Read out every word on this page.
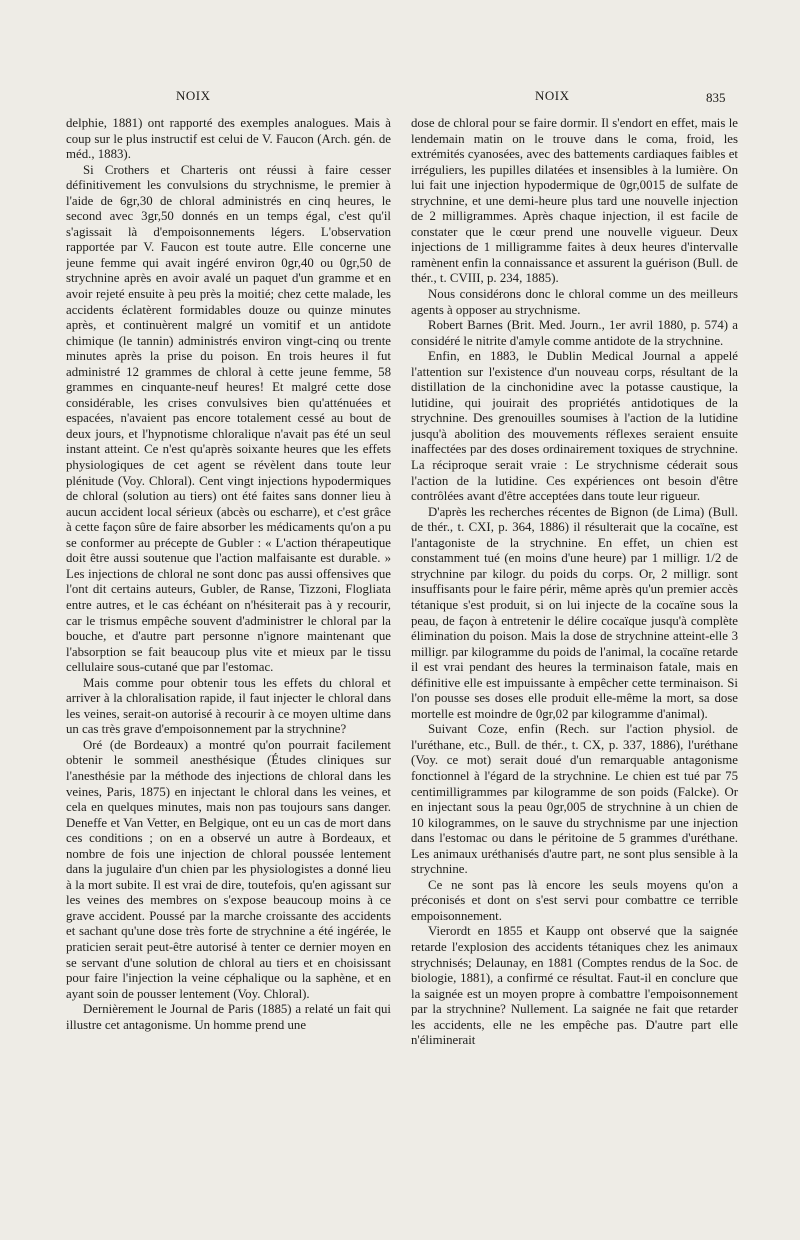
NOIX	NOIX	835

delphie, 1881) ont rapporté des exemples analogues. Mais à coup sur le plus instructif est celui de V. Faucon (Arch. gén. de méd., 1883).

Si Crothers et Charteris ont réussi à faire cesser définitivement les convulsions du strychnisme, le premier à l'aide de 6gr,30 de chloral administrés en cinq heures, le second avec 3gr,50 donnés en un temps égal, c'est qu'il s'agissait là d'empoisonnements légers. L'observation rapportée par V. Faucon est toute autre. Elle concerne une jeune femme qui avait ingéré environ 0gr,40 ou 0gr,50 de strychnine après en avoir avalé un paquet d'un gramme et en avoir rejeté ensuite à peu près la moitié; chez cette malade, les accidents éclatèrent formidables douze ou quinze minutes après, et continuèrent malgré un vomitif et un antidote chimique (le tannin) administrés environ vingt-cinq ou trente minutes après la prise du poison. En trois heures il fut administré 12 grammes de chloral à cette jeune femme, 58 grammes en cinquante-neuf heures! Et malgré cette dose considérable, les crises convulsives bien qu'atténuées et espacées, n'avaient pas encore totalement cessé au bout de deux jours, et l'hypnotisme chloralique n'avait pas été un seul instant atteint. Ce n'est qu'après soixante heures que les effets physiologiques de cet agent se révèlent dans toute leur plénitude (Voy. Chloral). Cent vingt injections hypodermiques de chloral (solution au tiers) ont été faites sans donner lieu à aucun accident local sérieux (abcès ou escharre), et c'est grâce à cette façon sûre de faire absorber les médicaments qu'on a pu se conformer au précepte de Gubler : « L'action thérapeutique doit être aussi soutenue que l'action malfaisante est durable. » Les injections de chloral ne sont donc pas aussi offensives que l'ont dit certains auteurs, Gubler, de Ranse, Tizzoni, Flogliata entre autres, et le cas échéant on n'hésiterait pas à y recourir, car le trismus empêche souvent d'administrer le chloral par la bouche, et d'autre part personne n'ignore maintenant que l'absorption se fait beaucoup plus vite et mieux par le tissu cellulaire sous-cutané que par l'estomac.

Mais comme pour obtenir tous les effets du chloral et arriver à la chloralisation rapide, il faut injecter le chloral dans les veines, serait-on autorisé à recourir à ce moyen ultime dans un cas très grave d'empoisonnement par la strychnine?

Oré (de Bordeaux) a montré qu'on pourrait facilement obtenir le sommeil anesthésique (Études cliniques sur l'anesthésie par la méthode des injections de chloral dans les veines, Paris, 1875) en injectant le chloral dans les veines, et cela en quelques minutes, mais non pas toujours sans danger. Deneffe et Van Vetter, en Belgique, ont eu un cas de mort dans ces conditions ; on en a observé un autre à Bordeaux, et nombre de fois une injection de chloral poussée lentement dans la jugulaire d'un chien par les physiologistes a donné lieu à la mort subite. Il est vrai de dire, toutefois, qu'en agissant sur les veines des membres on s'expose beaucoup moins à ce grave accident. Poussé par la marche croissante des accidents et sachant qu'une dose très forte de strychnine a été ingérée, le praticien serait peut-être autorisé à tenter ce dernier moyen en se servant d'une solution de chloral au tiers et en choisissant pour faire l'injection la veine céphalique ou la saphène, et en ayant soin de pousser lentement (Voy. Chloral).

Dernièrement le Journal de Paris (1885) a relaté un fait qui illustre cet antagonisme. Un homme prend une

dose de chloral pour se faire dormir. Il s'endort en effet, mais le lendemain matin on le trouve dans le coma, froid, les extrémités cyanosées, avec des battements cardiaques faibles et irréguliers, les pupilles dilatées et insensibles à la lumière. On lui fait une injection hypodermique de 0gr,0015 de sulfate de strychnine, et une demi-heure plus tard une nouvelle injection de 2 milligrammes. Après chaque injection, il est facile de constater que le cœur prend une nouvelle vigueur. Deux injections de 1 milligramme faites à deux heures d'intervalle ramènent enfin la connaissance et assurent la guérison (Bull. de thér., t. CVIII, p. 234, 1885).

Nous considérons donc le chloral comme un des meilleurs agents à opposer au strychnisme.

Robert Barnes (Brit. Med. Journ., 1er avril 1880, p. 574) a considéré le nitrite d'amyle comme antidote de la strychnine.

Enfin, en 1883, le Dublin Medical Journal a appelé l'attention sur l'existence d'un nouveau corps, résultant de la distillation de la cinchonidine avec la potasse caustique, la lutidine, qui jouirait des propriétés antidotiques de la strychnine. Des grenouilles soumises à l'action de la lutidine jusqu'à abolition des mouvements réflexes seraient ensuite inaffectées par des doses ordinairement toxiques de strychnine. La réciproque serait vraie : Le strychnisme céderait sous l'action de la lutidine. Ces expériences ont besoin d'être contrôlées avant d'être acceptées dans toute leur rigueur.

D'après les recherches récentes de Bignon (de Lima) (Bull. de thér., t. CXI, p. 364, 1886) il résulterait que la cocaïne, est l'antagoniste de la strychnine. En effet, un chien est constamment tué (en moins d'une heure) par 1 milligr. 1/2 de strychnine par kilogr. du poids du corps. Or, 2 milligr. sont insuffisants pour le faire périr, même après qu'un premier accès tétanique s'est produit, si on lui injecte de la cocaïne sous la peau, de façon à entretenir le délire cocaïque jusqu'à complète élimination du poison. Mais la dose de strychnine atteint-elle 3 milligr. par kilogramme du poids de l'animal, la cocaïne retarde il est vrai pendant des heures la terminaison fatale, mais en définitive elle est impuissante à empêcher cette terminaison. Si l'on pousse ses doses elle produit elle-même la mort, sa dose mortelle est moindre de 0gr,02 par kilogramme d'animal).

Suivant Coze, enfin (Rech. sur l'action physiol. de l'uréthane, etc., Bull. de thér., t. CX, p. 337, 1886), l'uréthane (Voy. ce mot) serait doué d'un remarquable antagonisme fonctionnel à l'égard de la strychnine. Le chien est tué par 75 centimilligrammes par kilogramme de son poids (Falcke). Or en injectant sous la peau 0gr,005 de strychnine à un chien de 10 kilogrammes, on le sauve du strychnisme par une injection dans l'estomac ou dans le péritoine de 5 grammes d'uréthane. Les animaux uréthanisés d'autre part, ne sont plus sensible à la strychnine.

Ce ne sont pas là encore les seuls moyens qu'on a préconisés et dont on s'est servi pour combattre ce terrible empoisonnement.

Vierordt en 1855 et Kaupp ont observé que la saignée retarde l'explosion des accidents tétaniques chez les animaux strychnisés; Delaunay, en 1881 (Comptes rendus de la Soc. de biologie, 1881), a confirmé ce résultat. Faut-il en conclure que la saignée est un moyen propre à combattre l'empoisonnement par la strychnine? Nullement. La saignée ne fait que retarder les accidents, elle ne les empêche pas. D'autre part elle n'éliminerait
